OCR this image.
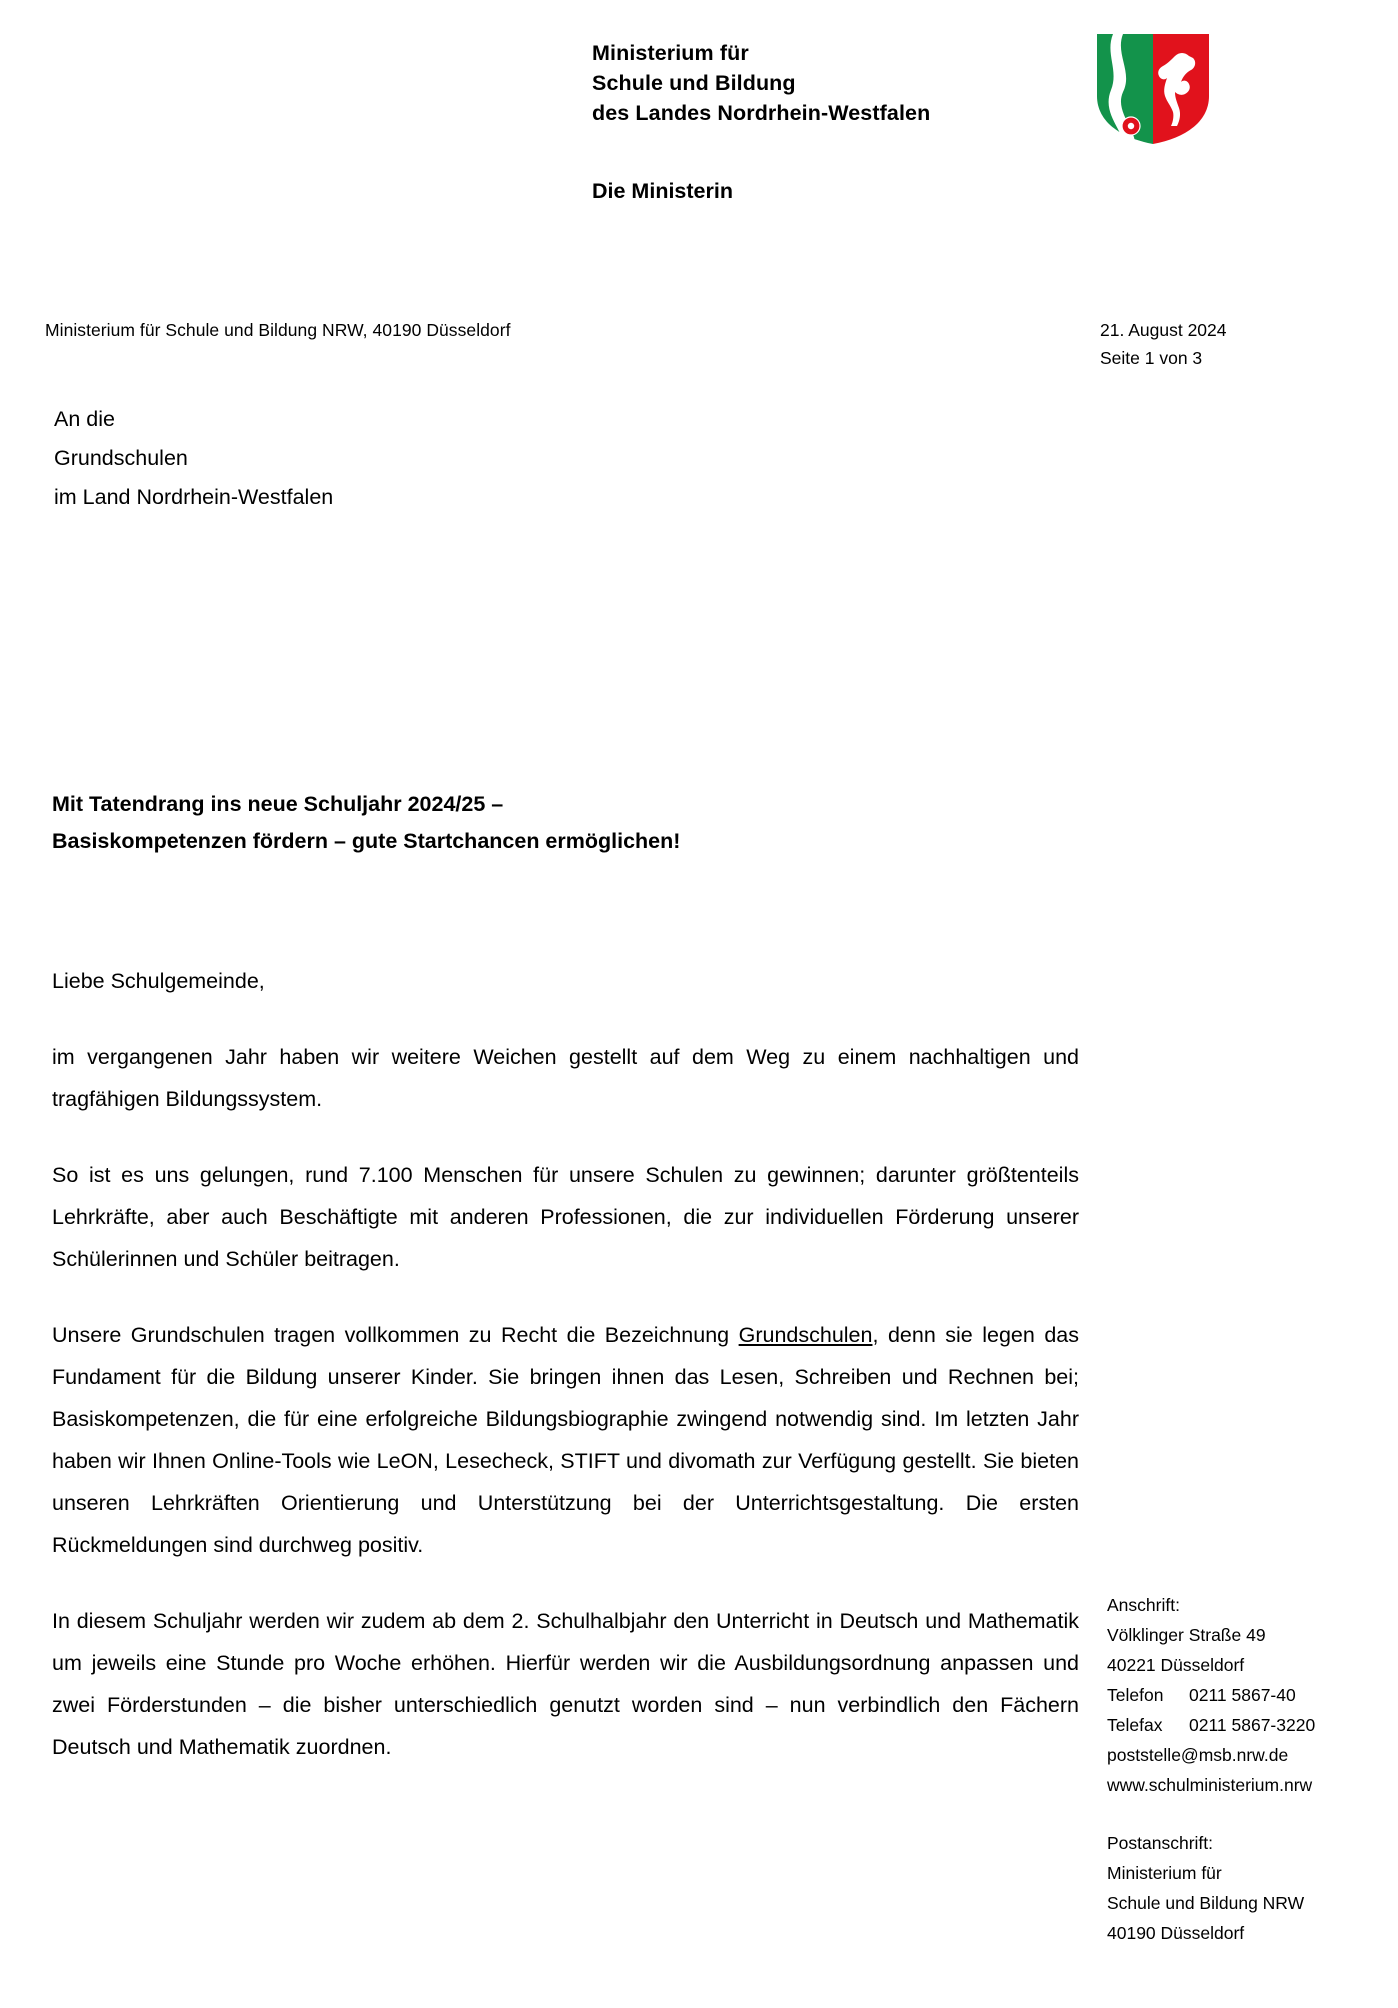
Ministerium für
Schule und Bildung
des Landes Nordrhein-Westfalen
Die Ministerin
Ministerium für Schule und Bildung NRW, 40190 Düsseldorf	21. August 2024
Seite 1 von 3
An die
Grundschulen
im Land Nordrhein-Westfalen
Mit Tatendrang ins neue Schuljahr 2024/25 –
Basiskompetenzen fördern – gute Startchancen ermöglichen!

Liebe Schulgemeinde,

im vergangenen Jahr haben wir weitere Weichen gestellt auf dem Weg zu einem nachhaltigen und tragfähigen Bildungssystem.

So ist es uns gelungen, rund 7.100 Menschen für unsere Schulen zu gewinnen; darunter größtenteils Lehrkräfte, aber auch Beschäftigte mit anderen Professionen, die zur individuellen Förderung unserer Schülerinnen und Schüler beitragen.

Unsere Grundschulen tragen vollkommen zu Recht die Bezeichnung Grundschulen, denn sie legen das Fundament für die Bildung unserer Kinder. Sie bringen ihnen das Lesen, Schreiben und Rechnen bei; Basiskompetenzen, die für eine erfolgreiche Bildungsbiographie zwingend notwendig sind. Im letzten Jahr haben wir Ihnen Online-Tools wie LeON, Lesecheck, STIFT und divomath zur Verfügung gestellt. Sie bieten unseren Lehrkräften Orientierung und Unterstützung bei der Unterrichtsgestaltung. Die ersten Rückmeldungen sind durchweg positiv.

In diesem Schuljahr werden wir zudem ab dem 2. Schulhalbjahr den Unterricht in Deutsch und Mathematik um jeweils eine Stunde pro Woche erhöhen. Hierfür werden wir die Ausbildungsordnung anpassen und zwei Förderstunden – die bisher unterschiedlich genutzt worden sind – nun verbindlich den Fächern Deutsch und Mathematik zuordnen.

Anschrift:
Völklinger Straße 49
40221 Düsseldorf
Telefon 0211 5867-40
Telefax 0211 5867-3220
poststelle@msb.nrw.de
www.schulministerium.nrw
Postanschrift:
Ministerium für
Schule und Bildung NRW
40190 Düsseldorf
